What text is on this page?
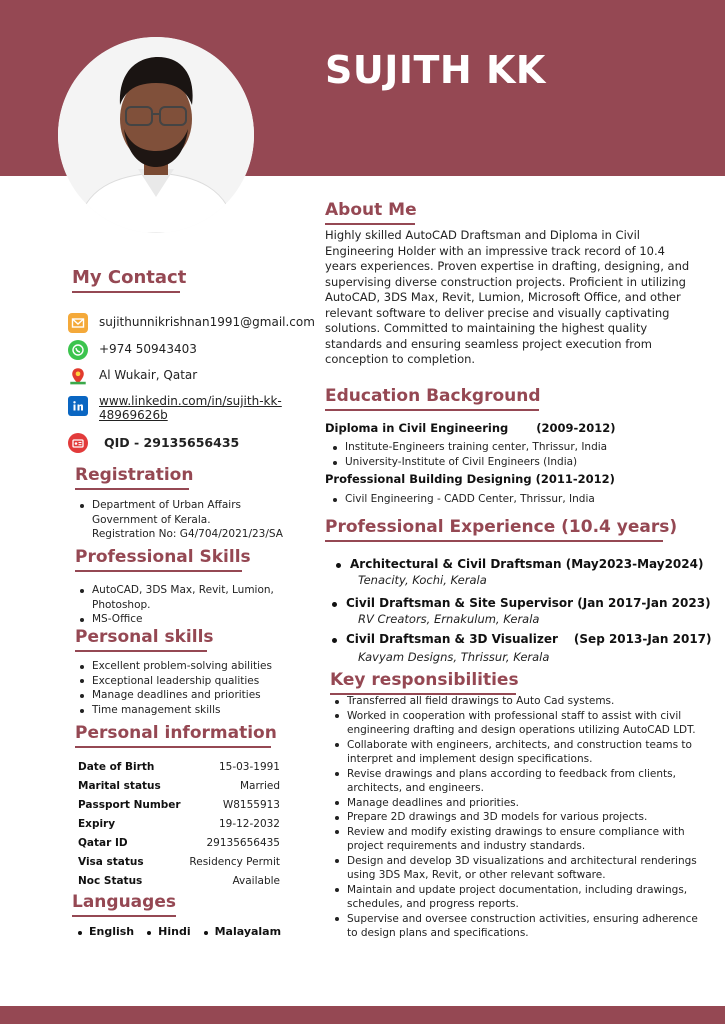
SUJITH KK
My Contact
sujithunnikrishnan1991@gmail.com
+974 50943403
Al Wukair, Qatar
www.linkedin.com/in/sujith-kk-
48969626b
QID - 29135656435
Registration
Department of Urban Affairs
Government of Kerala.
Registration No: G4/704/2021/23/SA
Professional Skills
AutoCAD, 3DS Max, Revit, Lumion, Photoshop.
MS-Office
Personal skills
Excellent problem-solving abilities
Exceptional leadership qualities
Manage deadlines and priorities
Time management skills
Personal information
Date of Birth	15-03-1991
Marital status	Married
Passport Number	W8155913
Expiry	19-12-2032
Qatar ID	29135656435
Visa status	Residency Permit
Noc Status	Available
Languages
English	Hindi	Malayalam
About Me
Highly skilled AutoCAD Draftsman and Diploma in Civil Engineering Holder with an impressive track record of 10.4 years experiences. Proven expertise in drafting, designing, and supervising diverse construction projects. Proficient in utilizing AutoCAD, 3DS Max, Revit, Lumion, Microsoft Office, and other relevant software to deliver precise and visually captivating solutions. Committed to maintaining the highest quality standards and ensuring seamless project execution from conception to completion.
Education Background
Diploma in Civil Engineering (2009-2012)
Institute-Engineers training center, Thrissur, India
University-Institute of Civil Engineers (India)
Professional Building Designing (2011-2012)
Civil Engineering - CADD Center, Thrissur, India
Professional Experience (10.4 years)
Architectural & Civil Draftsman (May2023-May2024)
Tenacity, Kochi, Kerala
Civil Draftsman & Site Supervisor (Jan 2017-Jan 2023)
RV Creators, Ernakulum, Kerala
Civil Draftsman & 3D Visualizer (Sep 2013-Jan 2017)
Kavyam Designs, Thrissur, Kerala
Key responsibilities
Transferred all field drawings to Auto Cad systems.
Worked in cooperation with professional staff to assist with civil engineering drafting and design operations utilizing AutoCAD LDT.
Collaborate with engineers, architects, and construction teams to interpret and implement design specifications.
Revise drawings and plans according to feedback from clients, architects, and engineers.
Manage deadlines and priorities.
Prepare 2D drawings and 3D models for various projects.
Review and modify existing drawings to ensure compliance with project requirements and industry standards.
Design and develop 3D visualizations and architectural renderings using 3DS Max, Revit, or other relevant software.
Maintain and update project documentation, including drawings, schedules, and progress reports.
Supervise and oversee construction activities, ensuring adherence to design plans and specifications.
